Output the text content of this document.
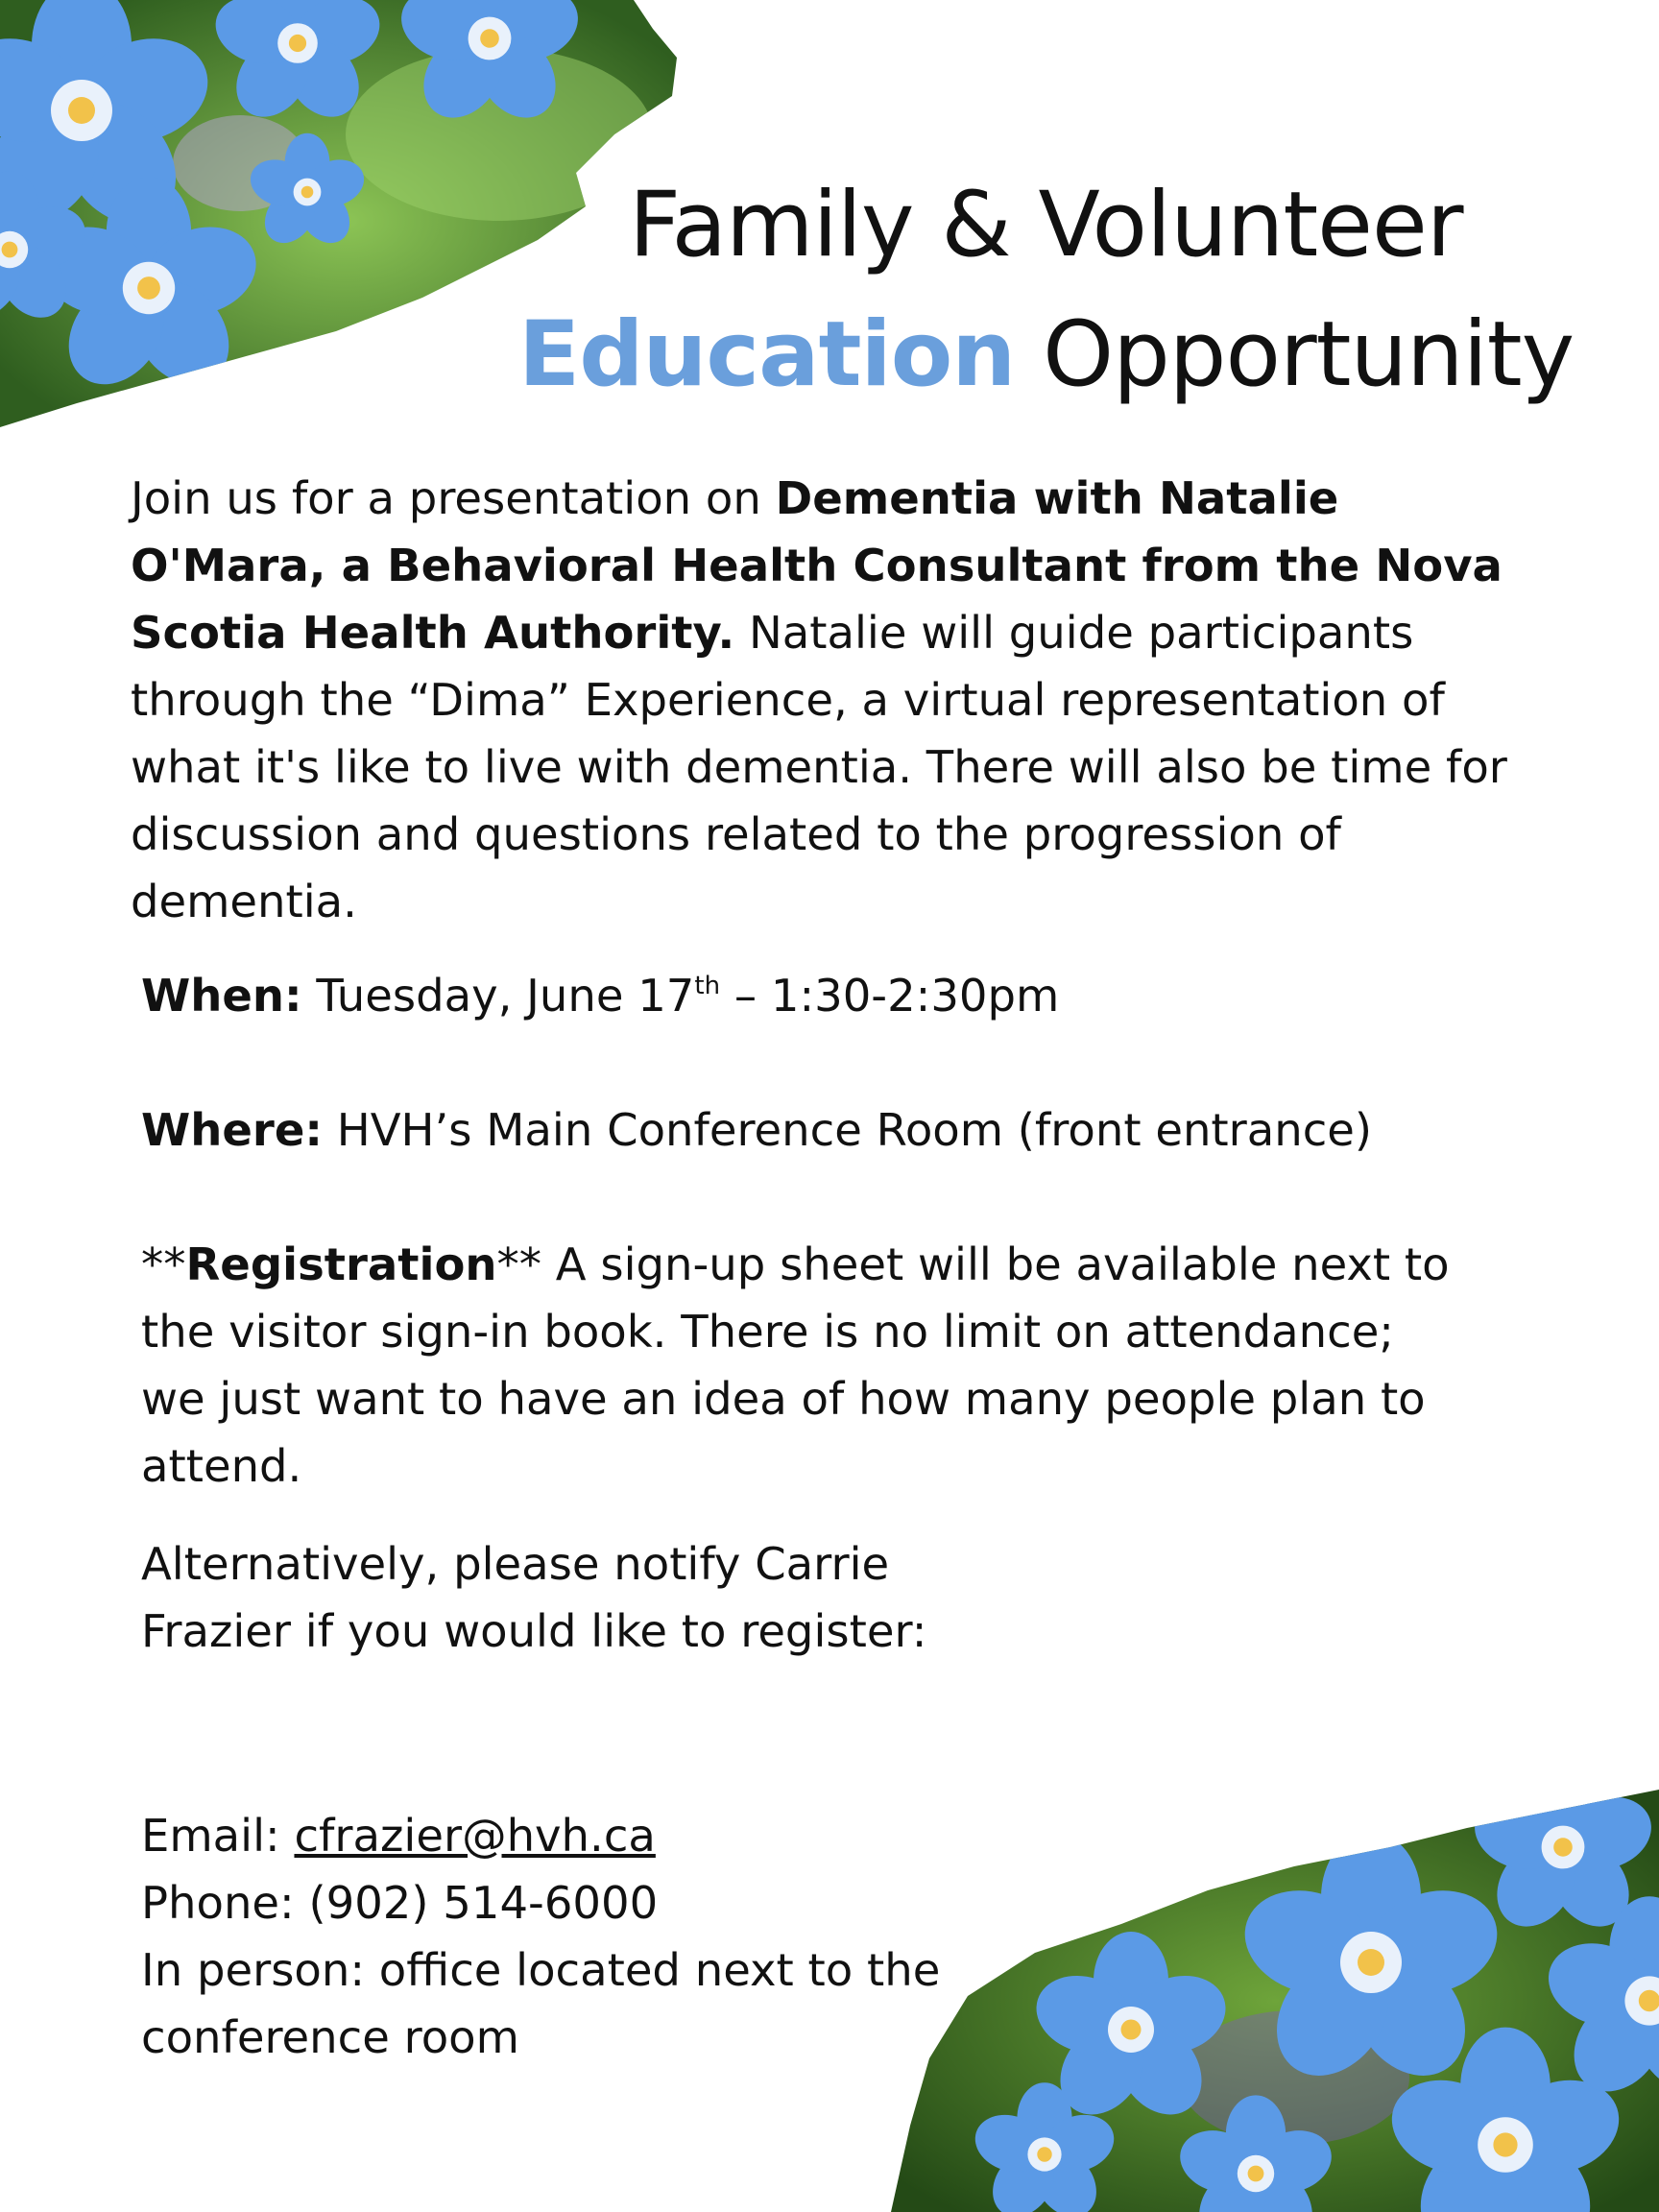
Family & Volunteer
Education Opportunity
Join us for a presentation on Dementia with Natalie O'Mara, a Behavioral Health Consultant from the Nova Scotia Health Authority. Natalie will guide participants through the “Dima” Experience, a virtual representation of what it's like to live with dementia. There will also be time for discussion and questions related to the progression of dementia.
When: Tuesday, June 17th – 1:30-2:30pm
Where: HVH’s Main Conference Room (front entrance)
**Registration** A sign-up sheet will be available next to the visitor sign-in book. There is no limit on attendance; we just want to have an idea of how many people plan to attend.
Alternatively, please notify Carrie Frazier if you would like to register:
Email: cfrazier@hvh.ca
Phone: (902) 514-6000
In person: office located next to the conference room
